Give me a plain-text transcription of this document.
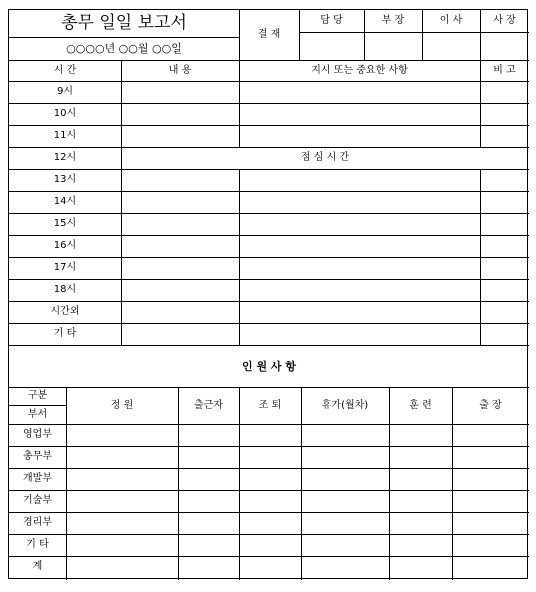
총무 일일 보고서
○○○○년 ○○월 ○○일
결 재
담 당	부 장	이 사	사 장
시 간	내 용	지시 또는 중요한 사항	비 고
9시
10시
11시
12시	점 심 시 간
13시
14시
15시
16시
17시
18시
시간외
기 타
인 원 사 항
구분
부서
정 원	출근자	조 퇴	휴가(월차)	훈 련	출 장
영업부
총무부
개발부
기술부
경리부
기 타
계
